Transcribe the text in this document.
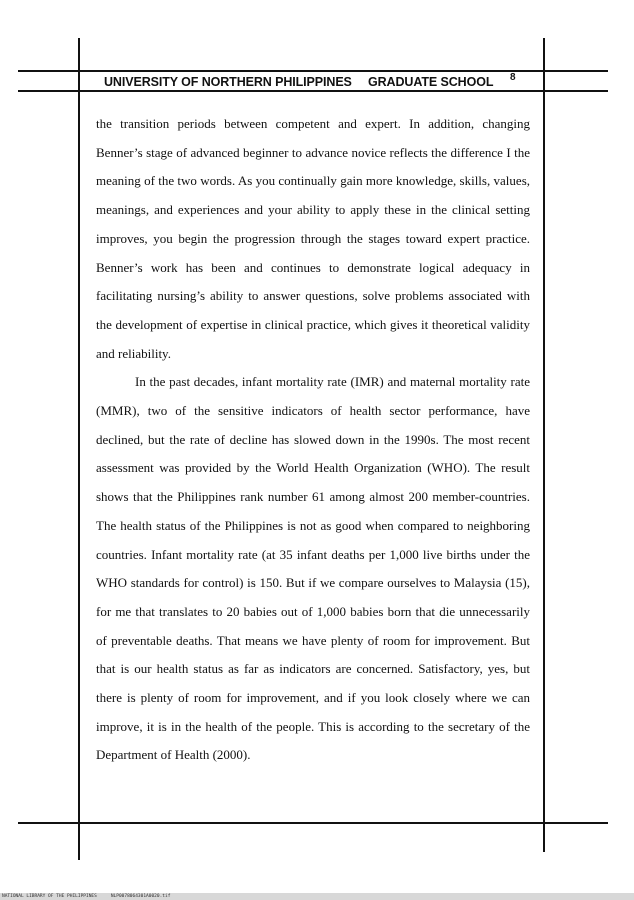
UNIVERSITY OF NORTHERN PHILIPPINES GRADUATE SCHOOL 8

the transition periods between competent and expert. In addition, changing Benner’s stage of advanced beginner to advance novice reflects the difference I the meaning of the two words. As you continually gain more knowledge, skills, values, meanings, and experiences and your ability to apply these in the clinical setting improves, you begin the progression through the stages toward expert practice. Benner’s work has been and continues to demonstrate logical adequacy in facilitating nursing’s ability to answer questions, solve problems associated with the development of expertise in clinical practice, which gives it theoretical validity and reliability.

In the past decades, infant mortality rate (IMR) and maternal mortality rate (MMR), two of the sensitive indicators of health sector performance, have declined, but the rate of decline has slowed down in the 1990s. The most recent assessment was provided by the World Health Organization (WHO). The result shows that the Philippines rank number 61 among almost 200 member-countries. The health status of the Philippines is not as good when compared to neighboring countries. Infant mortality rate (at 35 infant deaths per 1,000 live births under the WHO standards for control) is 150. But if we compare ourselves to Malaysia (15), for me that translates to 20 babies out of 1,000 babies born that die unnecessarily of preventable deaths. That means we have plenty of room for improvement. But that is our health status as far as indicators are concerned. Satisfactory, yes, but there is plenty of room for improvement, and if you look closely where we can improve, it is in the health of the people. This is according to the secretary of the Department of Health (2000).

NATIONAL LIBRARY OF THE PHILIPPINES	NLP0078064301A0020.tif
